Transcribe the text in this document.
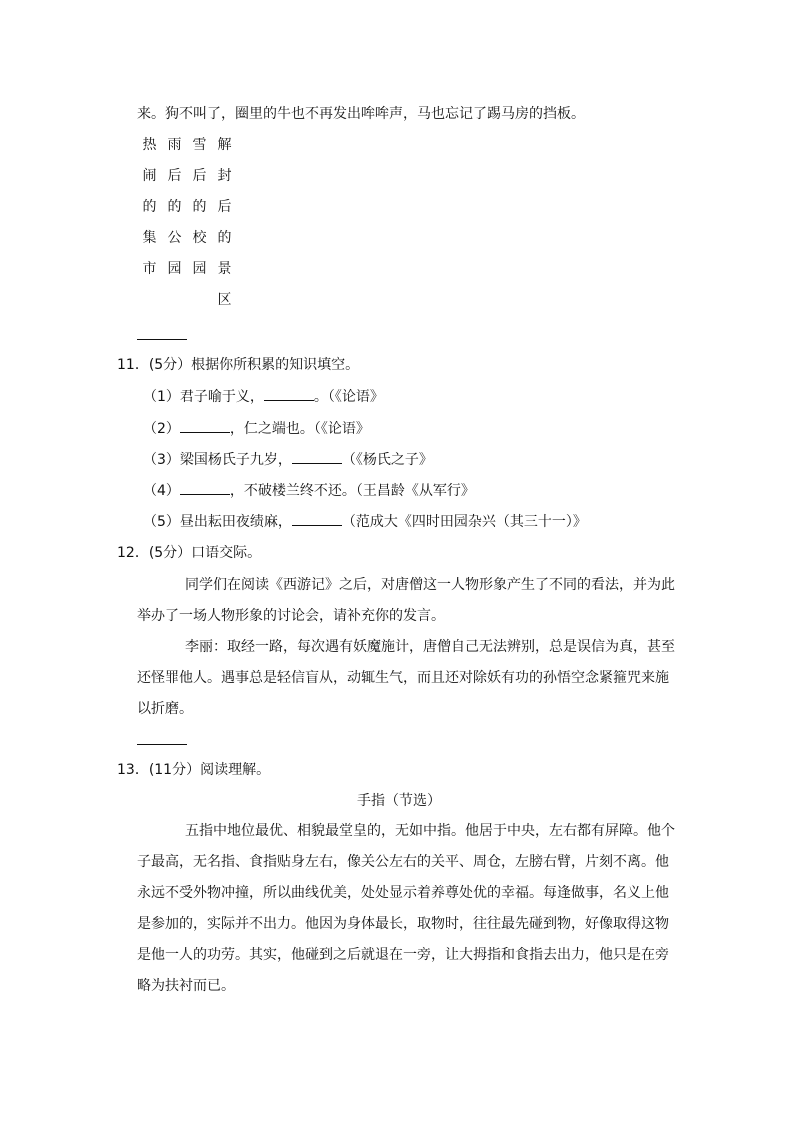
来。狗不叫了，圈里的牛也不再发出哞哞声，马也忘记了踢马房的挡板。
热 雨 雪 解
闹 后 后 封
的 的 的 后
集 公 校 的
市 园 园 景
区
11．(5分）根据你所积累的知识填空。
（1）君子喻于义，	。（《论语》
（2）	，仁之端也。（《论语》
（3）梁国杨氏子九岁，	（《杨氏之子》
（4）	，不破楼兰终不还。（王昌龄《从军行》
（5）昼出耘田夜绩麻，	（范成大《四时田园杂兴（其三十一）》
12．(5分）口语交际。
同学们在阅读《西游记》之后，对唐僧这一人物形象产生了不同的看法，并为此
举办了一场人物形象的讨论会，请补充你的发言。
李丽：取经一路，每次遇有妖魔施计，唐僧自己无法辨别，总是误信为真，甚至
还怪罪他人。遇事总是轻信盲从，动辄生气，而且还对除妖有功的孙悟空念紧箍咒来施
以折磨。
13．(11分）阅读理解。
手指（节选）
五指中地位最优、相貌最堂皇的，无如中指。他居于中央，左右都有屏障。他个
子最高，无名指、食指贴身左右，像关公左右的关平、周仓，左膀右臂，片刻不离。他
永远不受外物冲撞，所以曲线优美，处处显示着养尊处优的幸福。每逢做事，名义上他
是参加的，实际并不出力。他因为身体最长，取物时，往往最先碰到物，好像取得这物
是他一人的功劳。其实，他碰到之后就退在一旁，让大拇指和食指去出力，他只是在旁
略为扶衬而已。
